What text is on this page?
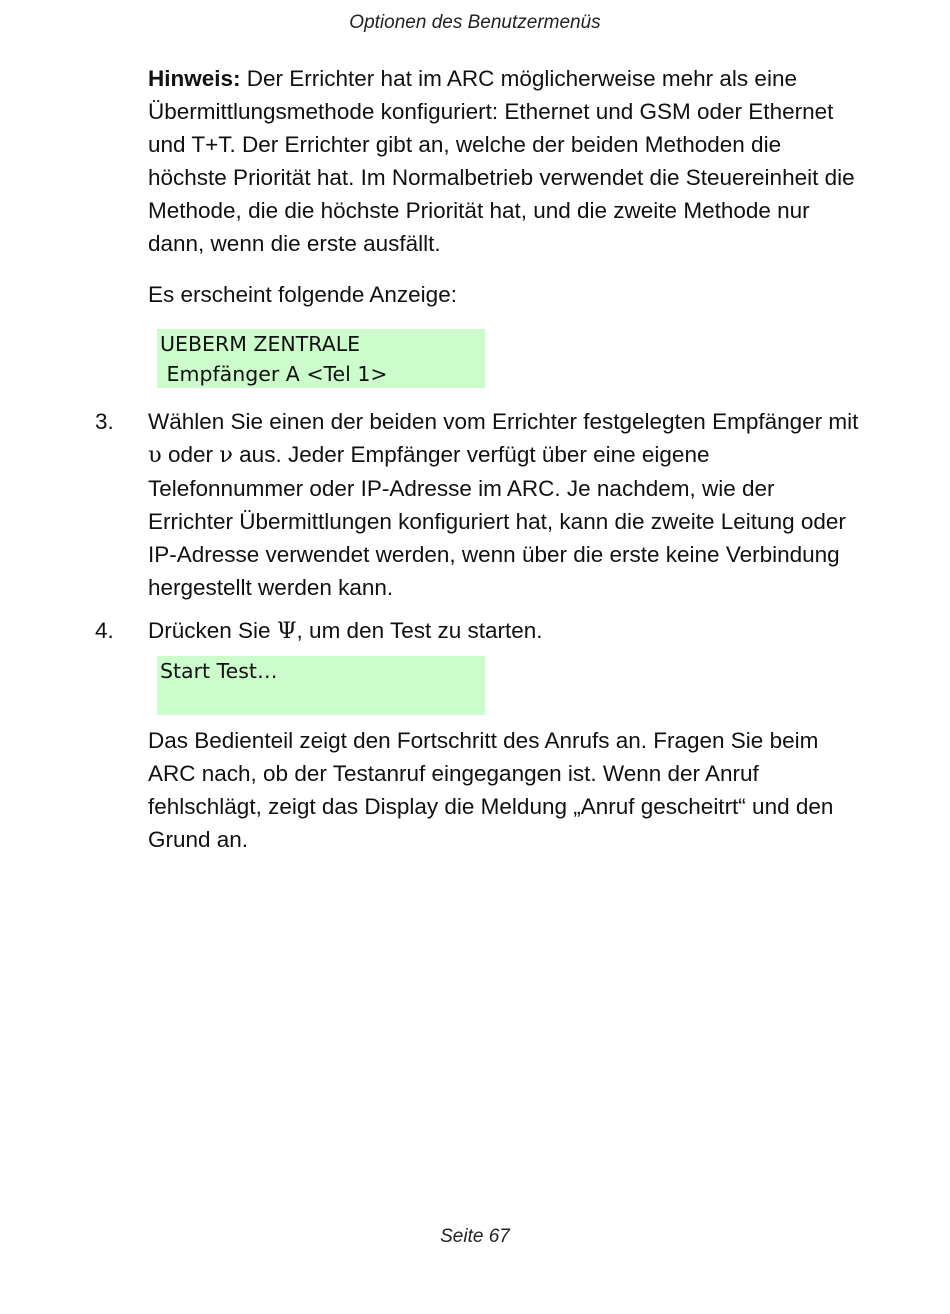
Optionen des Benutzermenüs
Hinweis: Der Errichter hat im ARC möglicherweise mehr als eine Übermittlungsmethode konfiguriert: Ethernet und GSM oder Ethernet und T+T. Der Errichter gibt an, welche der beiden Methoden die höchste Priorität hat. Im Normalbetrieb verwendet die Steuereinheit die Methode, die die höchste Priorität hat, und die zweite Methode nur dann, wenn die erste ausfällt.
Es erscheint folgende Anzeige:
UEBERM ZENTRALE
Empfänger A <Tel 1>
3.	Wählen Sie einen der beiden vom Errichter festgelegten Empfänger mit υ oder ν aus. Jeder Empfänger verfügt über eine eigene Telefonnummer oder IP-Adresse im ARC. Je nachdem, wie der Errichter Übermittlungen konfiguriert hat, kann die zweite Leitung oder IP-Adresse verwendet werden, wenn über die erste keine Verbindung hergestellt werden kann.
4.	Drücken Sie Ψ, um den Test zu starten.
Start Test…
Das Bedienteil zeigt den Fortschritt des Anrufs an. Fragen Sie beim ARC nach, ob der Testanruf eingegangen ist. Wenn der Anruf fehlschlägt, zeigt das Display die Meldung „Anruf gescheitrt“ und den Grund an.
Seite 67
